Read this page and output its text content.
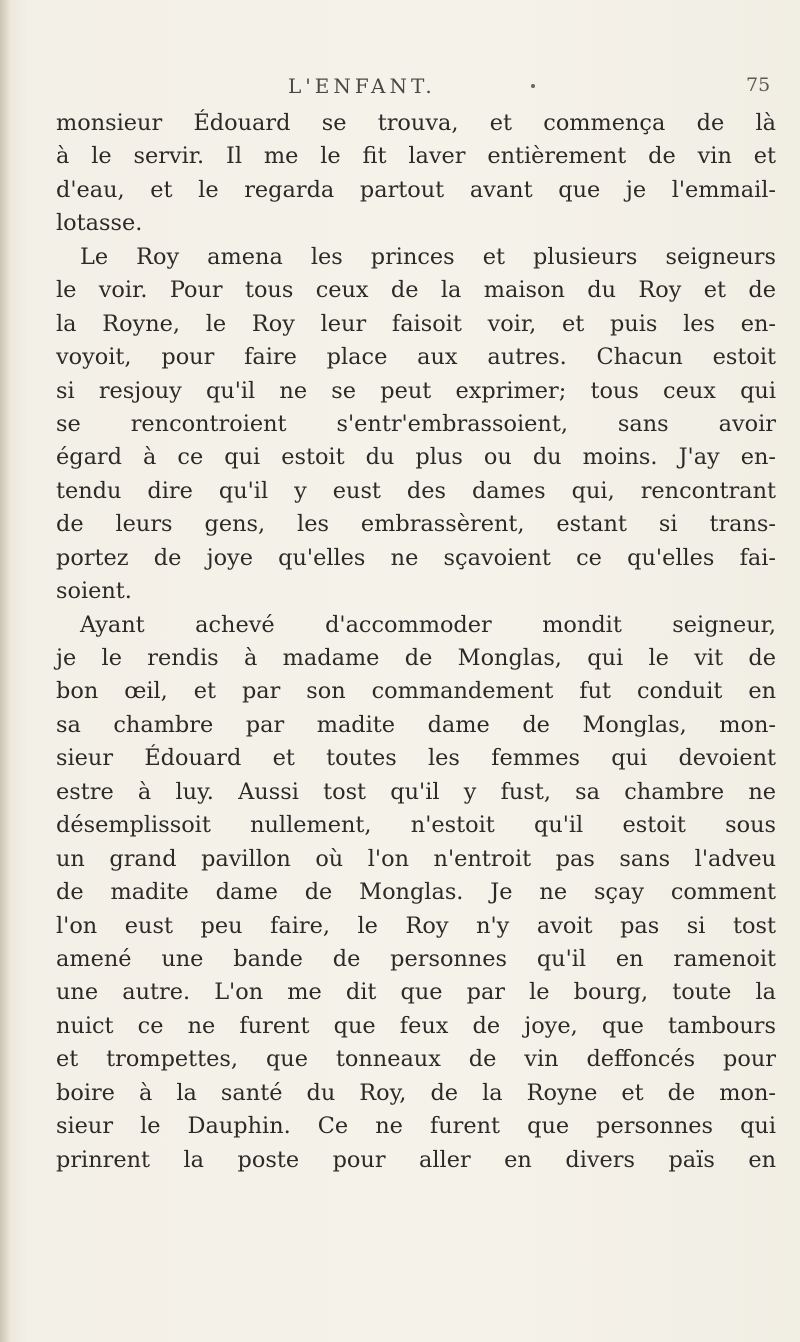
L'ENFANT.	75
monsieur Édouard se trouva, et commença de là
à le servir. Il me le fit laver entièrement de vin et
d'eau, et le regarda partout avant que je l'emmail-
lotasse.
Le Roy amena les princes et plusieurs seigneurs
le voir. Pour tous ceux de la maison du Roy et de
la Royne, le Roy leur faisoit voir, et puis les en-
voyoit, pour faire place aux autres. Chacun estoit
si resjouy qu'il ne se peut exprimer; tous ceux qui
se rencontroient s'entr'embrassoient, sans avoir
égard à ce qui estoit du plus ou du moins. J'ay en-
tendu dire qu'il y eust des dames qui, rencontrant
de leurs gens, les embrassèrent, estant si trans-
portez de joye qu'elles ne sçavoient ce qu'elles fai-
soient.
Ayant achevé d'accommoder mondit seigneur,
je le rendis à madame de Monglas, qui le vit de
bon œil, et par son commandement fut conduit en
sa chambre par madite dame de Monglas, mon-
sieur Édouard et toutes les femmes qui devoient
estre à luy. Aussi tost qu'il y fust, sa chambre ne
désemplissoit nullement, n'estoit qu'il estoit sous
un grand pavillon où l'on n'entroit pas sans l'adveu
de madite dame de Monglas. Je ne sçay comment
l'on eust peu faire, le Roy n'y avoit pas si tost
amené une bande de personnes qu'il en ramenoit
une autre. L'on me dit que par le bourg, toute la
nuict ce ne furent que feux de joye, que tambours
et trompettes, que tonneaux de vin deffoncés pour
boire à la santé du Roy, de la Royne et de mon-
sieur le Dauphin. Ce ne furent que personnes qui
prinrent la poste pour aller en divers païs en
